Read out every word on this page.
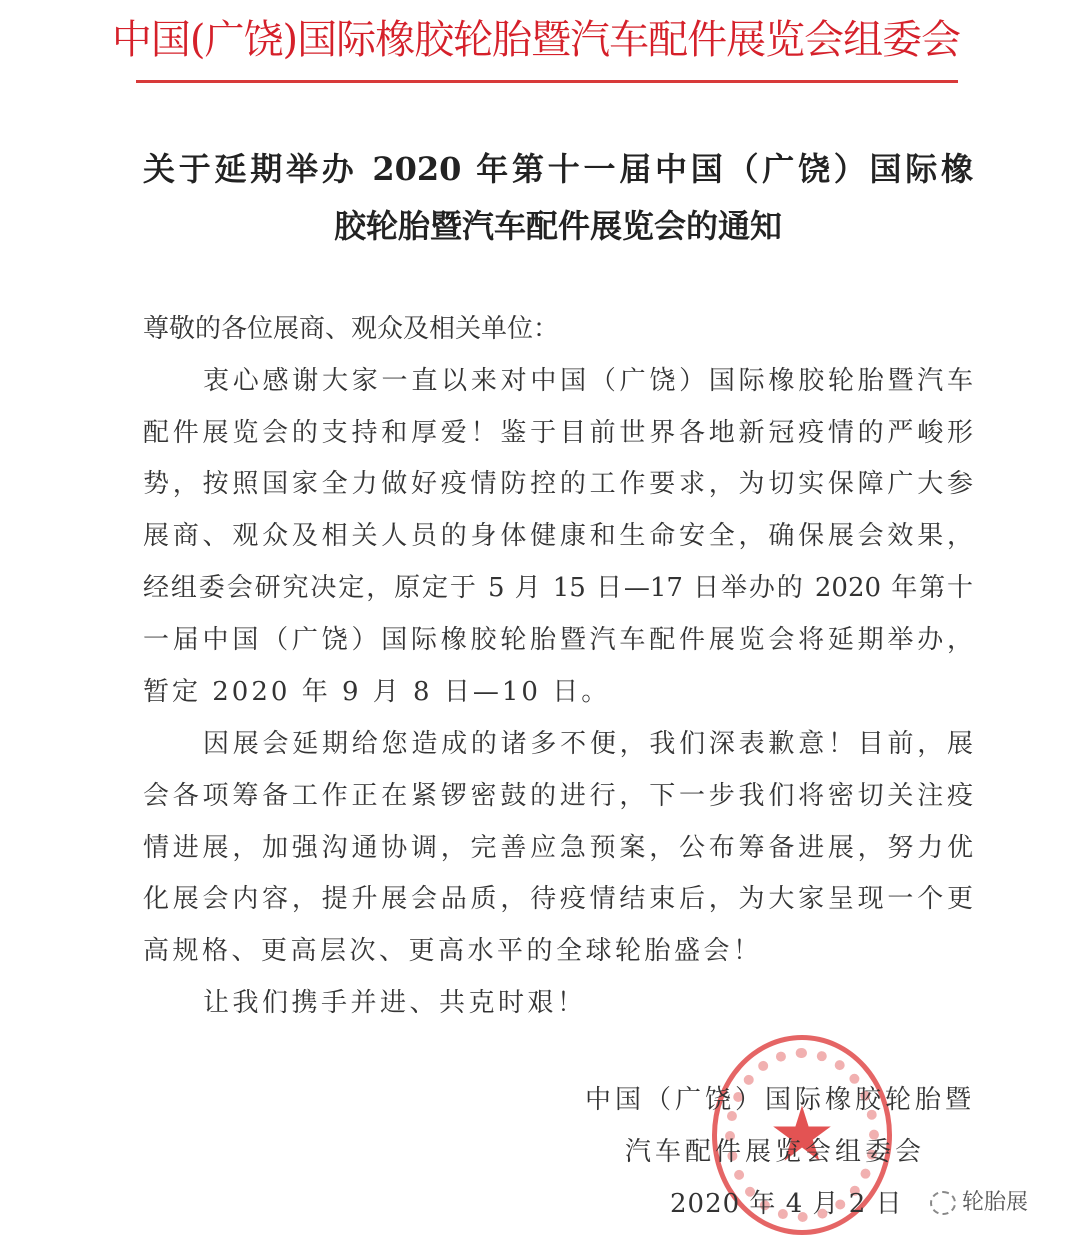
中国(广饶)国际橡胶轮胎暨汽车配件展览会组委会
关于延期举办 2020 年第十一届中国（广饶）国际橡
胶轮胎暨汽车配件展览会的通知
尊敬的各位展商、观众及相关单位：
衷心感谢大家一直以来对中国（广饶）国际橡胶轮胎暨汽车
配件展览会的支持和厚爱！鉴于目前世界各地新冠疫情的严峻形
势，按照国家全力做好疫情防控的工作要求，为切实保障广大参
展商、观众及相关人员的身体健康和生命安全，确保展会效果，
经组委会研究决定，原定于 5 月 15 日—17 日举办的 2020 年第十
一届中国（广饶）国际橡胶轮胎暨汽车配件展览会将延期举办，
暂定 2020 年 9 月 8 日—10 日。
因展会延期给您造成的诸多不便，我们深表歉意！目前，展
会各项筹备工作正在紧锣密鼓的进行，下一步我们将密切关注疫
情进展，加强沟通协调，完善应急预案，公布筹备进展，努力优
化展会内容，提升展会品质，待疫情结束后，为大家呈现一个更
高规格、更高层次、更高水平的全球轮胎盛会！
让我们携手并进、共克时艰！
中国（广饶）国际橡胶轮胎暨
汽车配件展览会组委会
2020 年 4 月 2 日	轮胎展
